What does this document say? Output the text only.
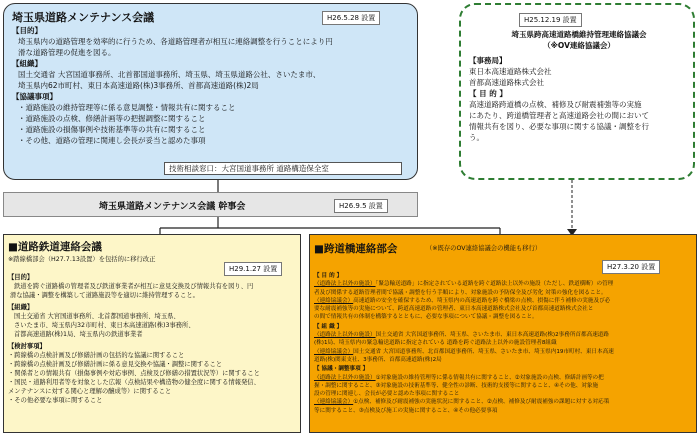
埼玉県道路メンテナンス会議	H26.5.28 設置

【目的】

埼玉県内の道路管理を効率的に行うため、各道路管理者が相互に連絡調整を行うことにより円

滑な道路管理の促進を図る。

【組織】

国土交通省 大宮国道事務所、北首都国道事務所、埼玉県、埼玉県道路公社、さいたま市、

埼玉県内62市町村、東日本高速道路(株)3事務所、首都高速道路(株)2局

【協議事項】

・道路施設の維持管理等に係る意見調整・情報共有に関すること

・道路施設の点検、修繕計画等の把握調整に関すること

・道路施設の損傷事例や技術基準等の共有に関すること

・その他、道路の管理に関連し会長が妥当と認めた事項

技術相談窓口：大宮国道事務所 道路構造保全室
H25.12.19 設置

埼玉県跨高速道路橋維持管理連絡協議会

（※OV連絡協議会）

【事務局】

東日本高速道路株式会社

首都高速道路株式会社

【 目 的 】

高速道路跨道橋の点検、補修及び耐震補強等の実施

にあたり、跨道橋管理者と高速道路会社の間において

情報共有を図り、必要な事項に関する協議・調整を行

う。

埼玉県道路メンテナンス会議 幹事会	H26.9.5 設置
■道路鉄道連絡会議
※踏線橋部会（H27.7.13設置）を包括的に移行改正
H29.1.27 設置

【目的】

鉄道を跨ぐ道路橋の管理者及び鉄道事業者が相互に意見交換及び情報共有を図り、円

滑な協議・調整を構築して道路施設等を適切に維持管理すること。

【組織】

国土交通省 大宮国道事務所、北首都国道事務所、埼玉県、

さいたま市、埼玉県内32市町村、東日本高速道路(株)3事務所、

首都高速道路(株)1局、埼玉県内の鉄道事業者

【検討事項】

・跨線橋の点検計画及び修繕計画の包括的な協議に関すること

・跨線橋の点検計画及び修繕計画に係る意見交換や協議・調整に関すること

・関係者との情報共有（損傷事例や対応事例、点検及び修繕の措置状況等）に関すること

・国民・道路利用者等を対象とした広報（点検結果や構造物の健全度に関する情報発信、

メンテナンスに対する関心と理解の醸成等）に関すること

・その他必要な事項に関すること

■跨道橋連絡部会	（※既存のOV連絡協議会の機能も移行）
H27.3.20 設置

【 目 的 】

（道路法上以外の施設）「緊急輸送道路」に指定されている道路を跨ぐ道路法上以外の施設（ただし、鉄道横断）の管理

者及び関係する道路管理者間で協議・調整を行う手順により、対象施設の予防保全及び劣化 対策の強化を図ること。

（連絡協議会）高速道路の安全を確保するため、埼玉県内の高速道路を跨ぐ橋梁の点検、損傷に伴う補修の実施及び必

要な耐震補強等の実施について、跨道高速道路の管理者、東日本高速道路株式会社及び首都高速道路株式会社と

の間で情報共有の体制を構築するとともに、必要な事項について協議・調整を図ること。

【 組 織 】

（道路法上以外の施設）国土交通省 大宮国道事務所、埼玉県、さいたま市、東日本高速道路(株)2事務所首都高速道路

(株)1局、埼玉県内の緊急輸送道路に指定されている 道路を跨ぐ道路法上以外の施設管理者8組織

（連絡協議会）国土交通省 大宮国道事務所、北首都国道事務所、埼玉県、さいたま市、埼玉県内19市町村、東日本高速

道路(株)関東支社、3事務所、首都高速道路(株)2局

【 協議・調整事項 】

（道路法上以外の施設）①対象施設の維持管理等に係る情報共有に関すること、②対象施設の点検、修繕計画等の把

握・調整に関すること、③対象施設の技術基準等、健全性の診断、技術的支援等に関すること、④その他、対象施

設の管理に関連し、会長が必要と認めた事項に関すること

（連絡協議会）①点検、補修及び耐震補強の実施状況に関すること、②点検、補修及び耐震補強の課題に対する対応策

等に関すること、③点検及び施工の実施に関すること、④その他必要事項
